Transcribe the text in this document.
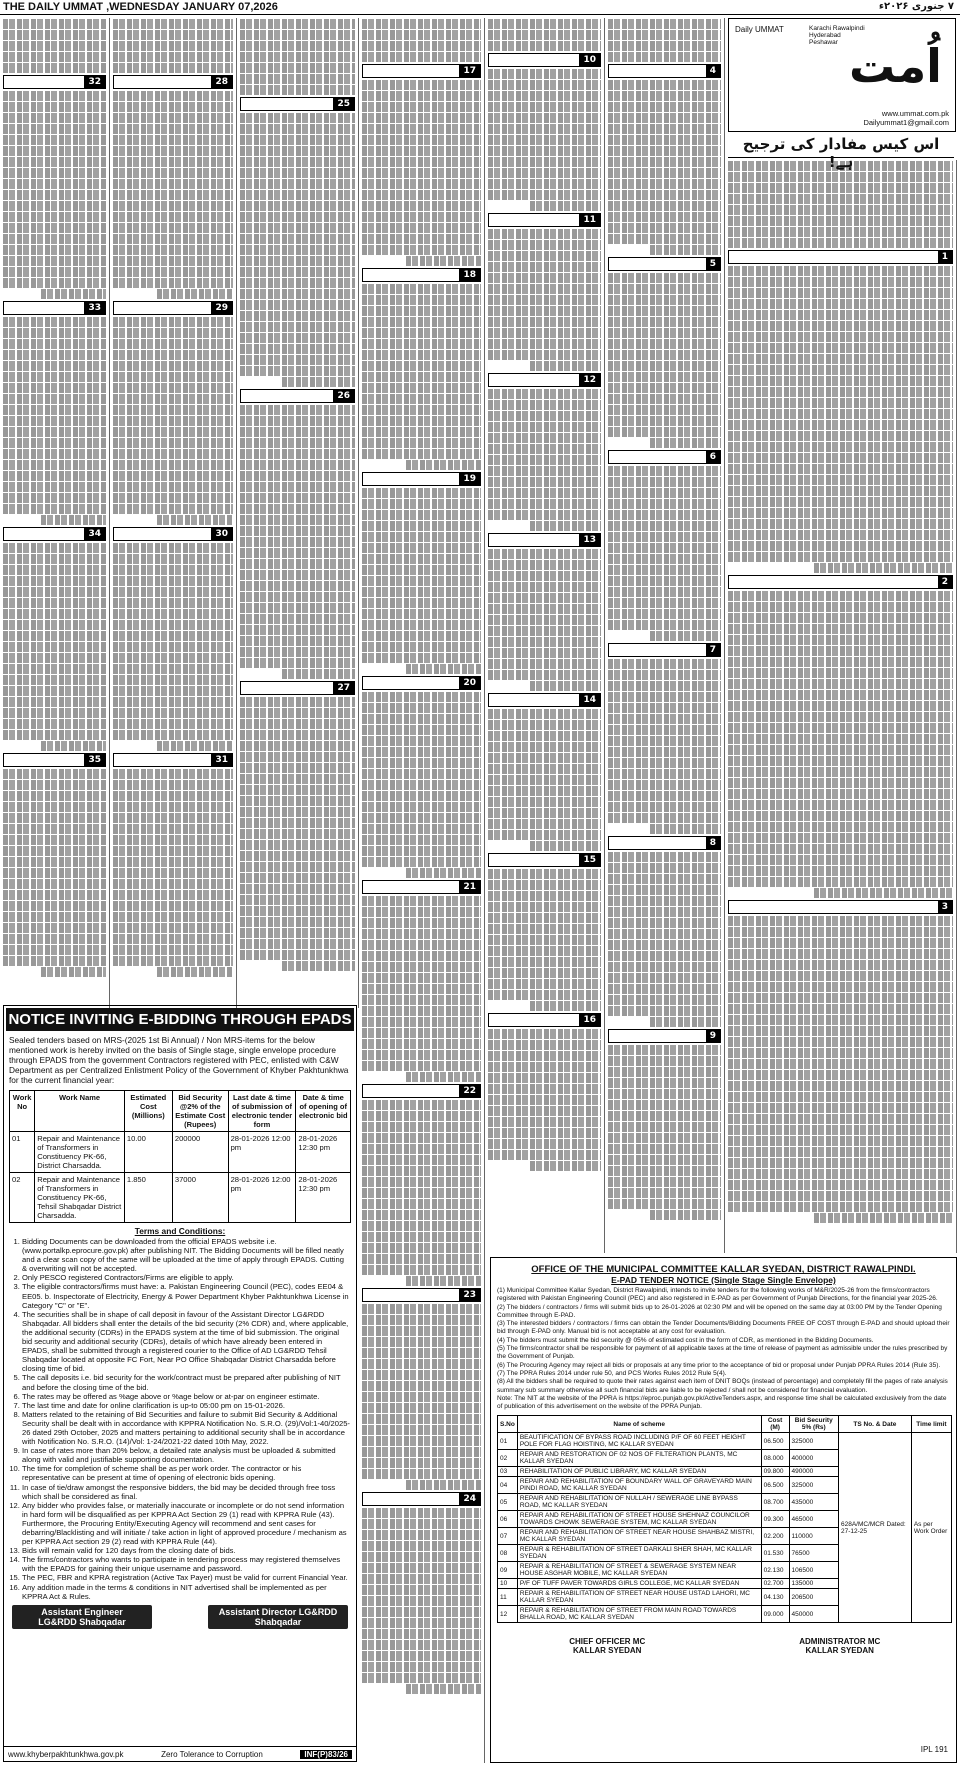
THE DAILY UMMAT ,WEDNESDAY JANUARY 07,2026	۷ جنوری ۲۰۲۶ء
32
33
34
35
28
29
30
31
25
26
27
17
18
19
20
21
22
23
24
10
11
12
13
14
15
16
4
5
6
7
8
9
1
2
3
Daily UMMAT	Karachi Rawalpindi Hyderabad Peshawar اُمت
www.ummat.com.pk
Dailyummat1@gmail.com
اس کیس مفادار کی ترجیح ہے!
NOTICE INVITING E-BIDDING THROUGH EPADS
Sealed tenders based on MRS-(2025 1st Bi Annual) / Non MRS-items for the below mentioned work is hereby invited on the basis of Single stage, single envelope procedure through EPADS from the government Contractors registered with PEC, enlisted with C&W Department as per Centralized Enlistment Policy of the Government of Khyber Pakhtunkhwa for the current financial year:
Work No	Work Name	Estimated Cost (Millions)	Bid Security @2% of the Estimate Cost (Rupees)	Last date & time of submission of electronic tender form	Date & time of opening of electronic bid
01	Repair and Maintenance of Transformers in Constituency PK-66, District Charsadda.	10.00	200000	28-01-2026 12:00 pm	28-01-2026 12:30 pm
02	Repair and Maintenance of Transformers in Constituency PK-66, Tehsil Shabqadar District Charsadda.	1.850	37000	28-01-2026 12:00 pm	28-01-2026 12:30 pm
Terms and Conditions:
1. Bidding Documents can be downloaded from the official EPADS website i.e. (www.portalkp.eprocure.gov.pk) after publishing NIT. The Bidding Documents will be filled neatly and a clear scan copy of the same will be uploaded at the time of apply through EPADS. Cutting & overwriting will not be accepted.
2. Only PESCO registered Contractors/Firms are eligible to apply.
3. The eligible contractors/firms must have: a. Pakistan Engineering Council (PEC), codes EE04 & EE05. b. Inspectorate of Electricity, Energy & Power Department Khyber Pakhtunkhwa License in Category "C" or "E".
4. The securities shall be in shape of call deposit in favour of the Assistant Director LG&RDD Shabqadar. All bidders shall enter the details of the bid security (2% CDR) and, where applicable, the additional security (CDRs) in the EPADS system at the time of bid submission. The original bid security and additional security (CDRs), details of which have already been entered in EPADS, shall be submitted through a registered courier to the Office of AD LG&RDD Tehsil Shabqadar located at opposite FC Fort, Near PO Office Shabqadar District Charsadda before closing time of bid.
5. The call deposits i.e. bid security for the work/contract must be prepared after publishing of NIT and before the closing time of the bid.
6. The rates may be offered as %age above or %age below or at-par on engineer estimate.
7. The last time and date for online clarification is up-to 05:00 pm on 15-01-2026.
8. Matters related to the retaining of Bid Securities and failure to submit Bid Security & Additional Security shall be dealt with in accordance with KPPRA Notification No. S.R.O. (29)/Vol:1-40/2025-26 dated 29th October, 2025 and matters pertaining to additional security shall be in accordance with Notification No. S.R.O. (14)/Vol: 1-24/2021-22 dated 10th May, 2022.
9. In case of rates more than 20% below, a detailed rate analysis must be uploaded & submitted along with valid and justifiable supporting documentation.
10. The time for completion of scheme shall be as per work order. The contractor or his representative can be present at time of opening of electronic bids opening.
11. In case of tie/draw amongst the responsive bidders, the bid may be decided through free toss which shall be considered as final.
12. Any bidder who provides false, or materially inaccurate or incomplete or do not send information in hard form will be disqualified as per KPPRA Act Section 29 (1) read with KPPRA Rule (43). Furthermore, the Procuring Entity/Executing Agency will recommend and sent cases for debarring/Blacklisting and will initiate / take action in light of approved procedure / mechanism as per KPPRA Act section 29 (2) read with KPPRA Rule (44).
13. Bids will remain valid for 120 days from the closing date of bids.
14. The firms/contractors who wants to participate in tendering process may registered themselves with the EPADS for gaining their unique username and password.
15. The PEC, FBR and KPRA registration (Active Tax Payer) must be valid for current Financial Year.
16. Any addition made in the terms & conditions in NIT advertised shall be implemented as per KPPRA Act & Rules.
Assistant Engineer LG&RDD Shabqadar
Assistant Director LG&RDD Shabqadar
www.khyberpakhtunkhwa.gov.pk	Zero Tolerance to Corruption	INF(P)83/26
OFFICE OF THE MUNICIPAL COMMITTEE KALLAR SYEDAN, DISTRICT RAWALPINDI.
E-PAD TENDER NOTICE (Single Stage Single Envelope)
(1) Municipal Committee Kallar Syedan, District Rawalpindi, intends to invite tenders for the following works of M&R/2025-26 from the firms/contractors registered with Pakistan Engineering Council (PEC) and also registered in E-PAD as per Government of Punjab Directions, for the financial year 2025-26.
(2) The bidders / contractors / firms will submit bids up to 26-01-2026 at 02:30 PM and will be opened on the same day at 03:00 PM by the Tender Opening Committee through E-PAD.
(3) The interested bidders / contractors / firms can obtain the Tender Documents/Bidding Documents FREE OF COST through E-PAD and should upload their bid through E-PAD only. Manual bid is not acceptable at any cost for evaluation.
(4) The bidders must submit the bid security @ 05% of estimated cost in the form of CDR, as mentioned in the Bidding Documents.
(5) The firms/contractor shall be responsible for payment of all applicable taxes at the time of release of payment as admissible under the rules prescribed by the Government of Punjab.
(6) The Procuring Agency may reject all bids or proposals at any time prior to the acceptance of bid or proposal under Punjab PPRA Rules 2014 (Rule 35).
(7) The PPRA Rules 2014 under rule 50, and PCS Works Rules 2012 Rule 5(4).
(8) All the bidders shall be required to quote their rates against each item of DNIT BOQs (instead of percentage) and completely fill the pages of rate analysis summary sub summary otherwise all such financial bids are liable to be rejected / shall not be considered for financial evaluation.
Note: The NIT at the website of the PPRA is https://eproc.punjab.gov.pk/ActiveTenders.aspx, and response time shall be calculated exclusively from the date of publication of this advertisement on the website of the PPRA Punjab.
S.No	Name of scheme	Cost (M)	Bid Security 5% (Rs)	TS No. & Date	Time limit
01	BEAUTIFICATION OF BYPASS ROAD INCLUDING P/F OF 60 FEET HEIGHT POLE FOR FLAG HOISTING, MC KALLAR SYEDAN	06.500	325000	628A/MC/MCR Dated: 27-12-25	As per Work Order
02	REPAIR AND RESTORATION OF 02 NOS OF FILTERATION PLANTS, MC KALLAR SYEDAN	08.000	400000		
03	REHABILITATION OF PUBLIC LIBRARY, MC KALLAR SYEDAN	09.800	490000		
04	REPAIR AND REHABILITATION OF BOUNDARY WALL OF GRAVEYARD MAIN PINDI ROAD, MC KALLAR SYEDAN	06.500	325000		
05	REPAIR AND REHABILITATION OF NULLAH / SEWERAGE LINE BYPASS ROAD, MC KALLAR SYEDAN	08.700	435000		
06	REPAIR AND REHABILITATION OF STREET HOUSE SHEHNAZ COUNCILOR TOWARDS CHOWK SEWERAGE SYSTEM, MC KALLAR SYEDAN	09.300	465000		
07	REPAIR AND REHABILITATION OF STREET NEAR HOUSE SHAHBAZ MISTRI, MC KALLAR SYEDAN	02.200	110000		
08	REPAIR & REHABILITATION OF STREET DARKALI SHER SHAH, MC KALLAR SYEDAN	01.530	76500		
09	REPAIR & REHABILITATION OF STREET & SEWERAGE SYSTEM NEAR HOUSE ASGHAR MOBILE, MC KALLAR SYEDAN	02.130	106500		
10	P/F OF TUFF PAVER TOWARDS GIRLS COLLEGE, MC KALLAR SYEDAN	02.700	135000		
11	REPAIR & REHABILITATION OF STREET NEAR HOUSE USTAD LAHORI, MC KALLAR SYEDAN	04.130	206500		
12	REPAIR & REHABILITATION OF STREET FROM MAIN ROAD TOWARDS BHALLA ROAD, MC KALLAR SYEDAN	09.000	450000		
CHIEF OFFICER MC KALLAR SYEDAN
ADMINISTRATOR MC KALLAR SYEDAN
IPL 191
